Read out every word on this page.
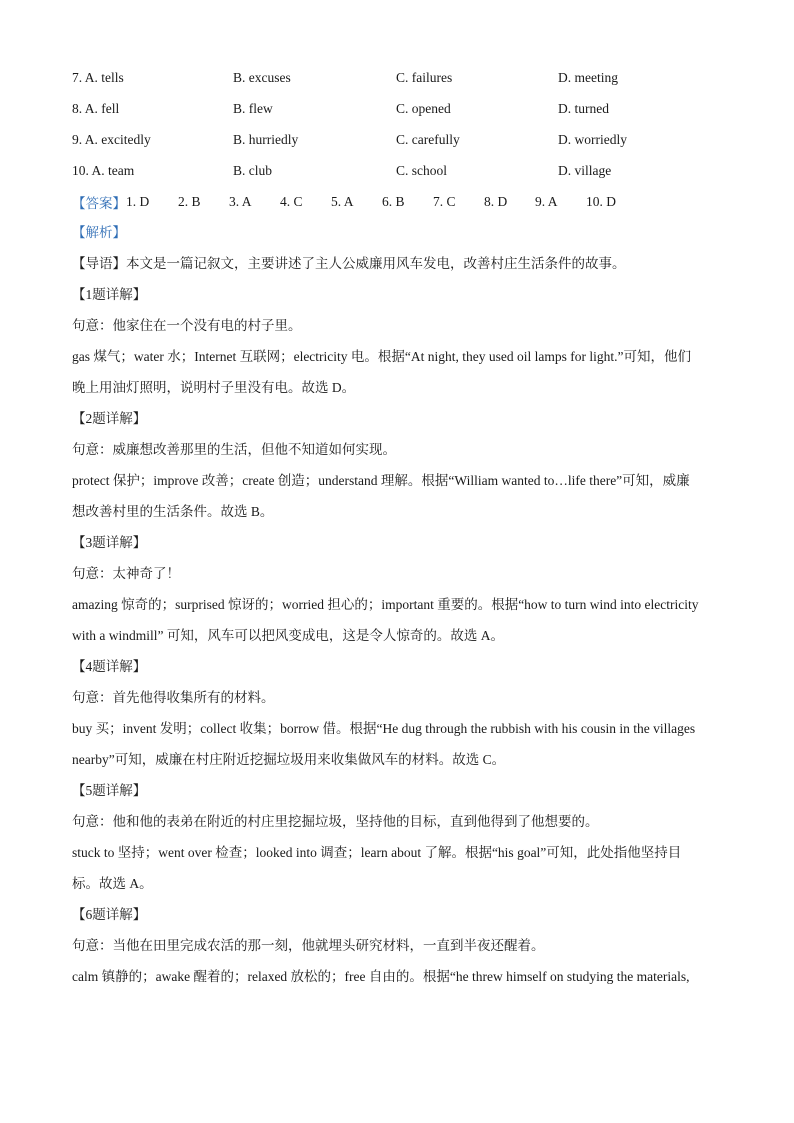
7. A. tells	B. excuses	C. failures	D. meeting
8. A. fell	B. flew	C. opened	D. turned
9. A. excitedly	B. hurriedly	C. carefully	D. worriedly
10. A. team	B. club	C. school	D. village
【答案】 1. D	2. B	3. A	4. C	5. A	6. B	7. C	8. D	9. A	10. D
【解析】
【导语】本文是一篇记叙文，主要讲述了主人公威廉用风车发电，改善村庄生活条件的故事。
【1题详解】
句意：他家住在一个没有电的村子里。
gas 煤气；water 水；Internet 互联网；electricity 电。根据“At night, they used oil lamps for light.”可知，他们
晚上用油灯照明，说明村子里没有电。故选 D。
【2题详解】
句意：威廉想改善那里的生活，但他不知道如何实现。
protect 保护；improve 改善；create 创造；understand 理解。根据“William wanted to…life there”可知，威廉
想改善村里的生活条件。故选 B。
【3题详解】
句意：太神奇了！
amazing 惊奇的；surprised 惊讶的；worried 担心的；important 重要的。根据“how to turn wind into electricity
with a windmill” 可知，风车可以把风变成电，这是令人惊奇的。故选 A。
【4题详解】
句意：首先他得收集所有的材料。
buy 买；invent 发明；collect 收集；borrow 借。根据“He dug through the rubbish with his cousin in the villages
nearby”可知，威廉在村庄附近挖掘垃圾用来收集做风车的材料。故选 C。
【5题详解】
句意：他和他的表弟在附近的村庄里挖掘垃圾，坚持他的目标，直到他得到了他想要的。
stuck to 坚持；went over 检查；looked into 调查；learn about 了解。根据“his goal”可知，此处指他坚持目
标。故选 A。
【6题详解】
句意：当他在田里完成农活的那一刻，他就埋头研究材料，一直到半夜还醒着。
calm 镇静的；awake 醒着的；relaxed 放松的；free 自由的。根据“he threw himself on studying the materials,
